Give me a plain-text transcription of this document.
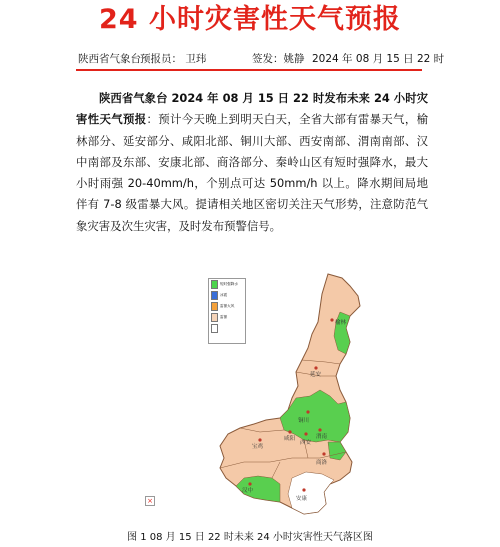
24 小时灾害性天气预报
陕西省气象台 预报员： 卫玮	签发：姚静 2024 年 08 月 15 日 22 时
陕西省气象台 2024 年 08 月 15 日 22 时发布未来 24 小时灾害性天气预报：预计今天晚上到明天白天，全省大部有雷暴天气，榆林部分、延安部分、咸阳北部、铜川大部、西安南部、渭南南部、汉中南部及东部、安康北部、商洛部分、秦岭山区有短时强降水，最大小时雨强 20-40mm/h，个别点可达 50mm/h 以上。降水期间局地伴有 7-8 级雷暴大风。提请相关地区密切关注天气形势，注意防范气象灾害及次生灾害，及时发布预警信号。
榆林
延安
铜川
宝鸡
咸阳
西安
渭南
商洛
汉中
安康
短时强降水
冰雹
雷暴大风
雷暴
×
图 1 08 月 15 日 22 时未来 24 小时灾害性天气落区图
